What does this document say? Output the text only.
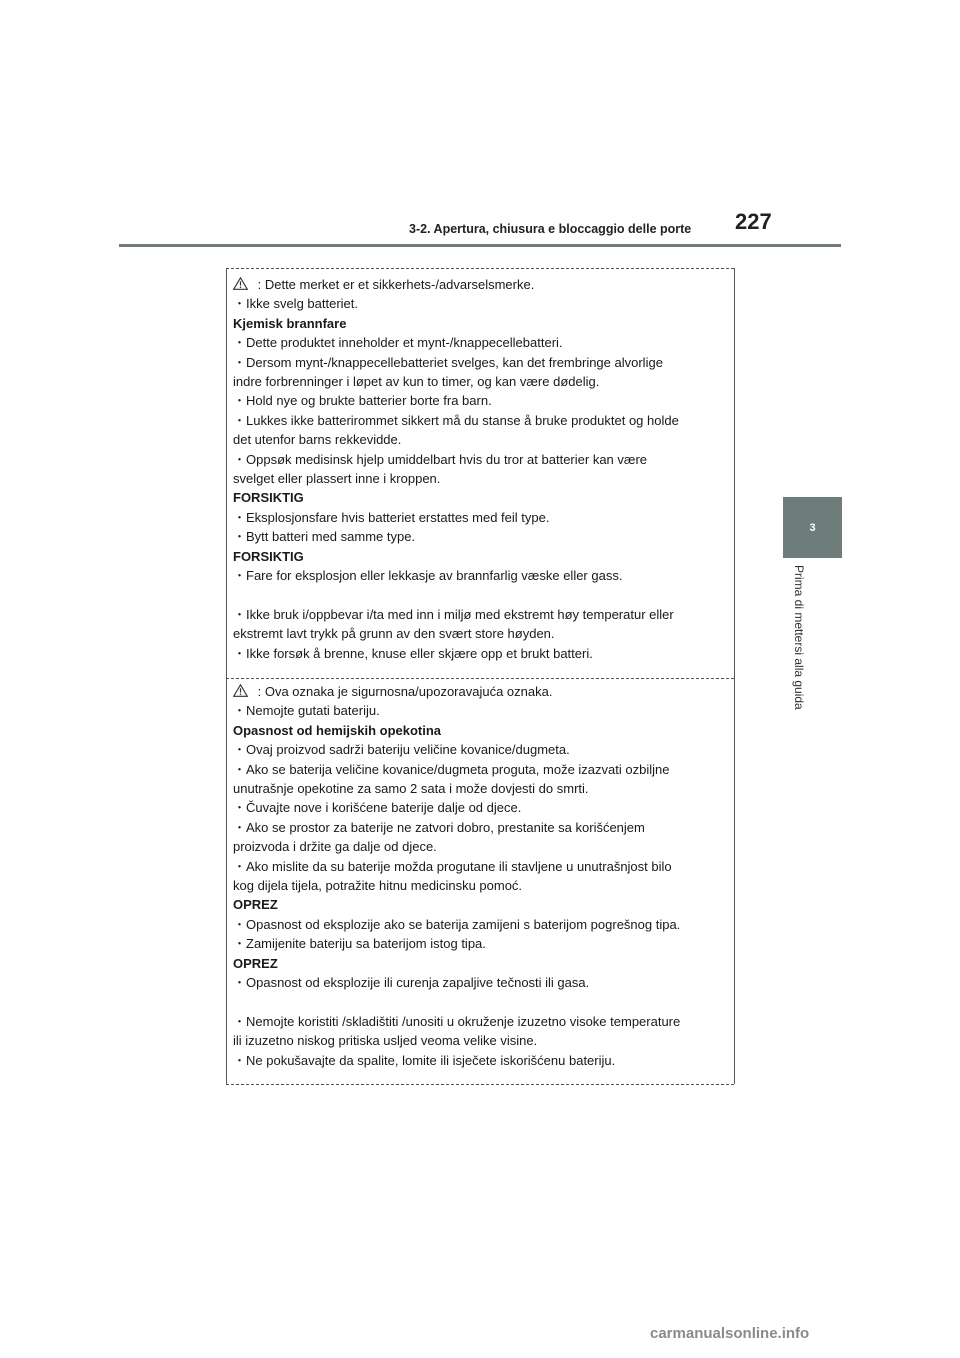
3-2. Apertura, chiusura e bloccaggio delle porte	227
3
Prima di mettersi alla guida
: Dette merket er et sikkerhets-/advarselsmerke.
・Ikke svelg batteriet.
Kjemisk brannfare
・Dette produktet inneholder et mynt-/knappecellebatteri.
・Dersom mynt-/knappecellebatteriet svelges, kan det frembringe alvorlige
indre forbrenninger i løpet av kun to timer, og kan være dødelig.
・Hold nye og brukte batterier borte fra barn.
・Lukkes ikke batterirommet sikkert må du stanse å bruke produktet og holde
det utenfor barns rekkevidde.
・Oppsøk medisinsk hjelp umiddelbart hvis du tror at batterier kan være
svelget eller plassert inne i kroppen.
FORSIKTIG
・Eksplosjonsfare hvis batteriet erstattes med feil type.
・Bytt batteri med samme type.
FORSIKTIG
・Fare for eksplosjon eller lekkasje av brannfarlig væske eller gass.
・Ikke bruk i/oppbevar i/ta med inn i miljø med ekstremt høy temperatur eller
ekstremt lavt trykk på grunn av den svært store høyden.
・Ikke forsøk å brenne, knuse eller skjære opp et brukt batteri.
: Ova oznaka je sigurnosna/upozoravajuća oznaka.
・Nemojte gutati bateriju.
Opasnost od hemijskih opekotina
・Ovaj proizvod sadrži bateriju veličine kovanice/dugmeta.
・Ako se baterija veličine kovanice/dugmeta proguta, može izazvati ozbiljne
unutrašnje opekotine za samo 2 sata i može dovjesti do smrti.
・Čuvajte nove i korišćene baterije dalje od djece.
・Ako se prostor za baterije ne zatvori dobro, prestanite sa korišćenjem
proizvoda i držite ga dalje od djece.
・Ako mislite da su baterije možda progutane ili stavljene u unutrašnjost bilo
kog dijela tijela, potražite hitnu medicinsku pomoć.
OPREZ
・Opasnost od eksplozije ako se baterija zamijeni s baterijom pogrešnog tipa.
・Zamijenite bateriju sa baterijom istog tipa.
OPREZ
・Opasnost od eksplozije ili curenja zapaljive tečnosti ili gasa.
・Nemojte koristiti /skladištiti /unositi u okruženje izuzetno visoke temperature
ili izuzetno niskog pritiska usljed veoma velike visine.
・Ne pokušavajte da spalite, lomite ili isječete iskorišćenu bateriju.
carmanualsonline.info
